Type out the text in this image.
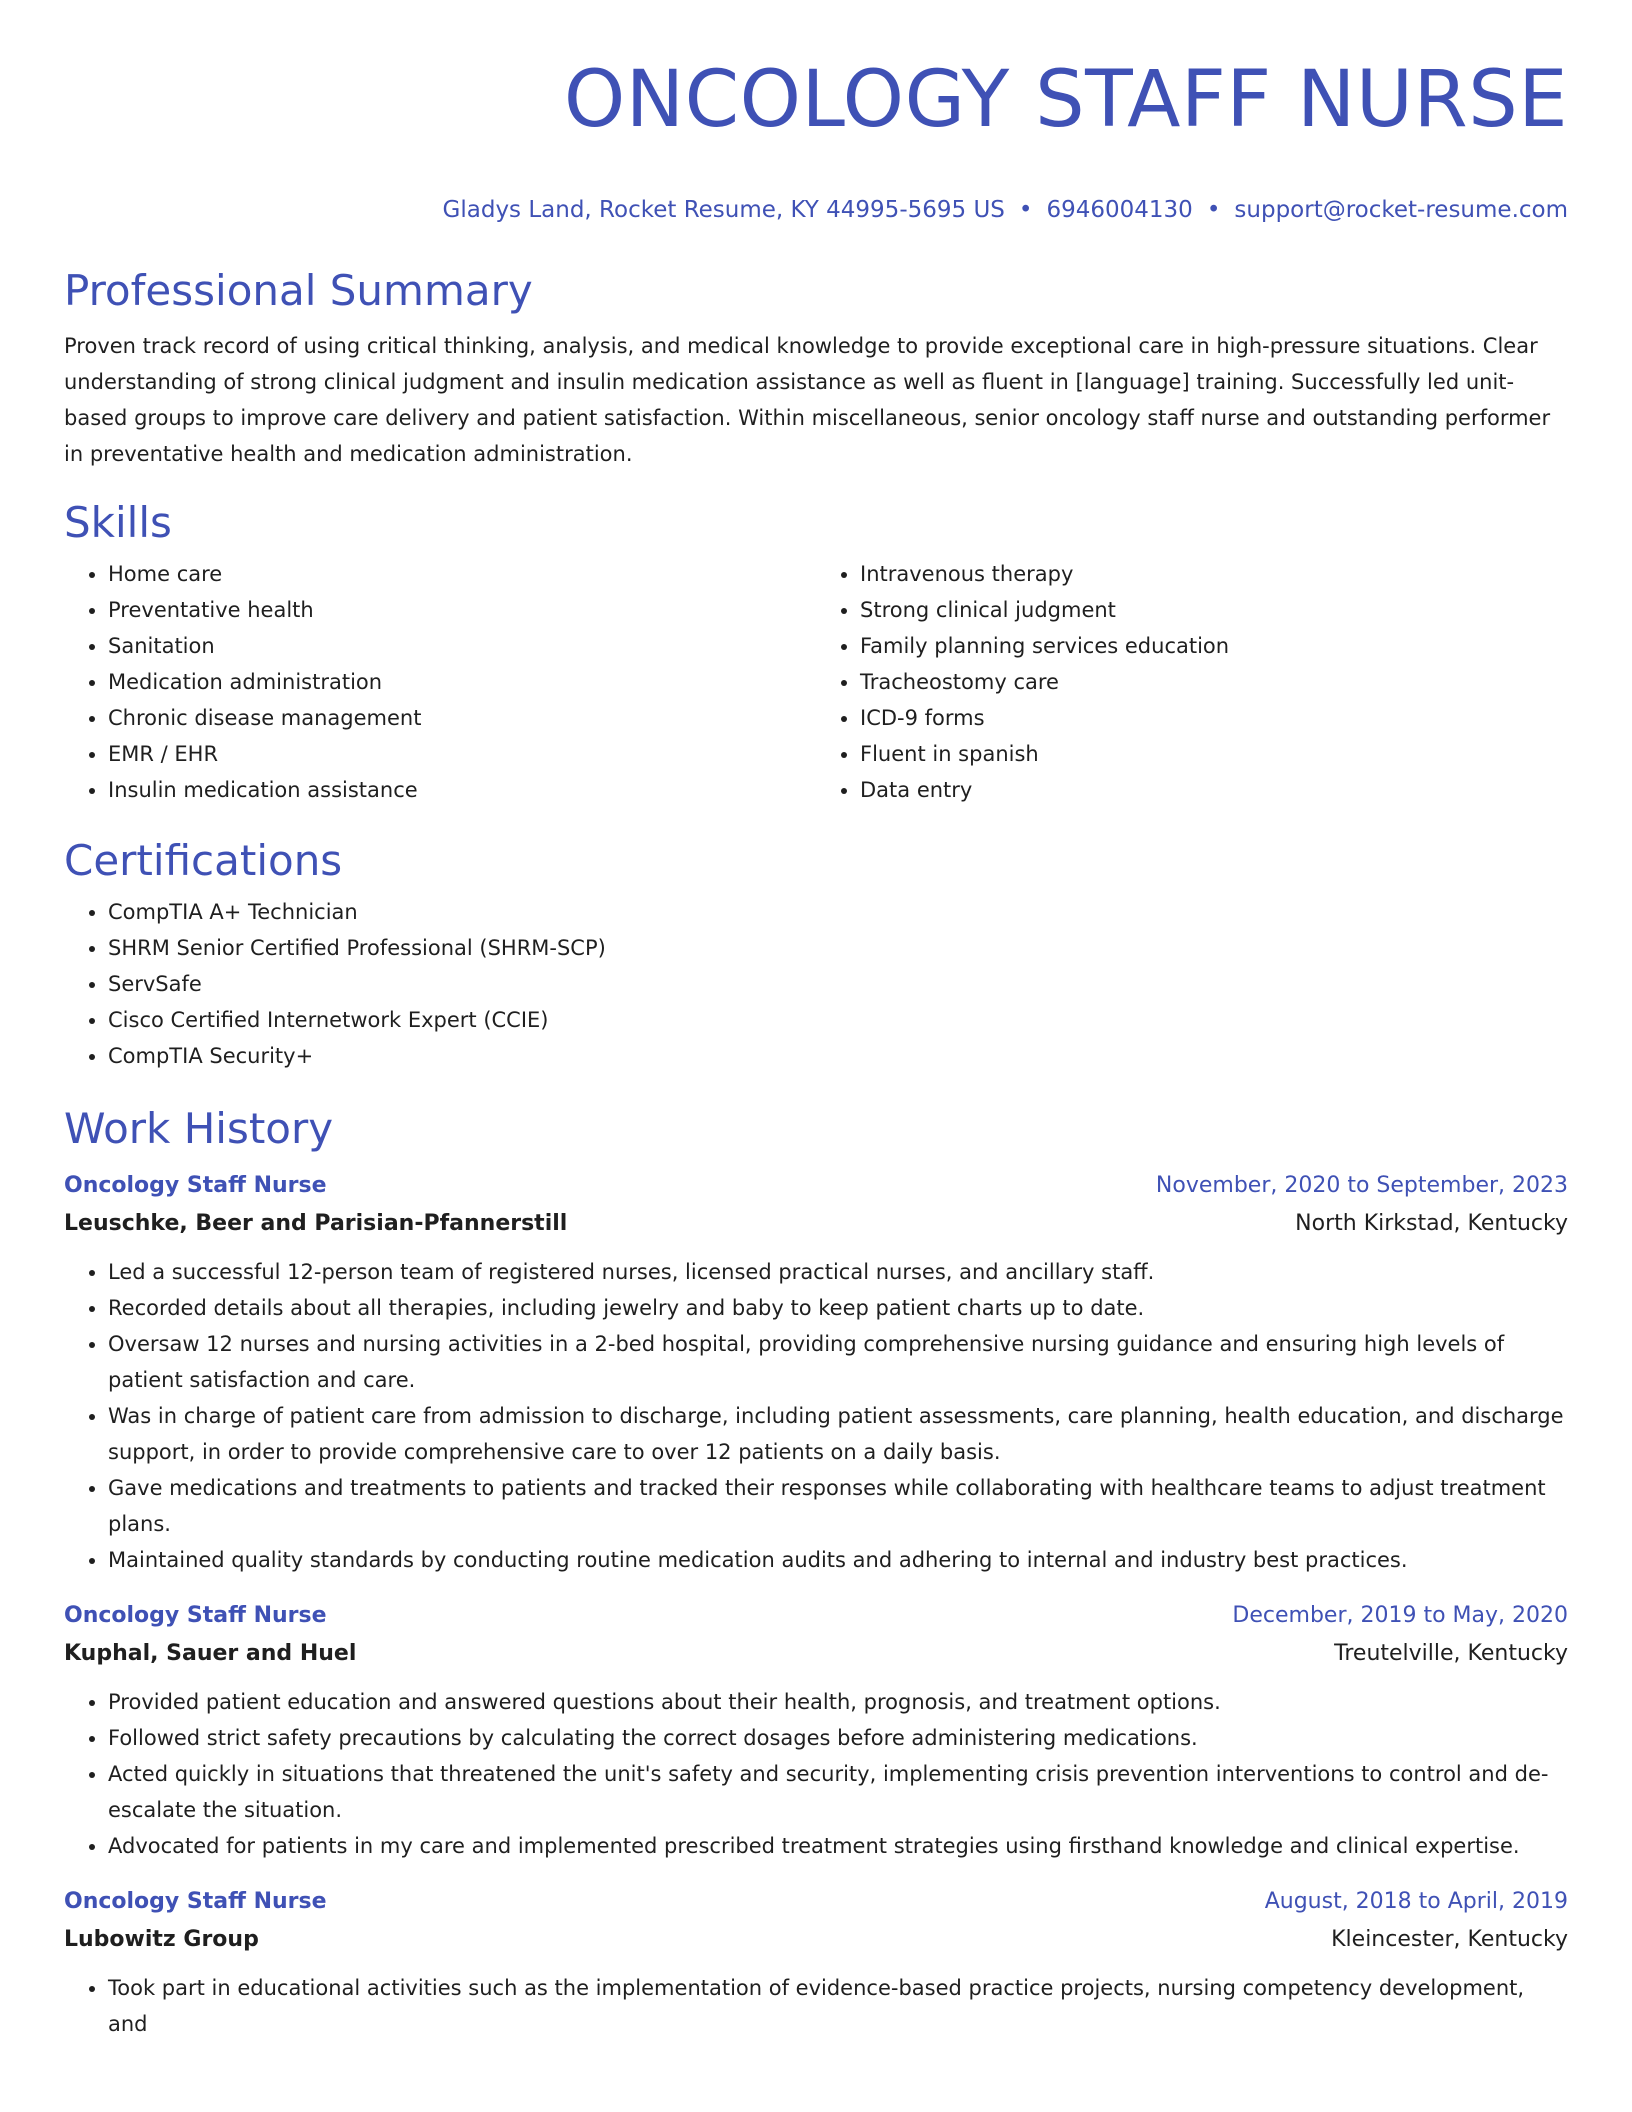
ONCOLOGY STAFF NURSE
Gladys Land, Rocket Resume, KY 44995-5695 US • 6946004130 • support@rocket-resume.com
Professional Summary

Proven track record of using critical thinking, analysis, and medical knowledge to provide exceptional care in high-pressure situations. Clear understanding of strong clinical judgment and insulin medication assistance as well as fluent in [language] training. Successfully led unit-based groups to improve care delivery and patient satisfaction. Within miscellaneous, senior oncology staff nurse and outstanding performer in preventative health and medication administration.

Skills
• Home care
• Preventative health
• Sanitation
• Medication administration
• Chronic disease management
• EMR / EHR
• Insulin medication assistance
• Intravenous therapy
• Strong clinical judgment
• Family planning services education
• Tracheostomy care
• ICD-9 forms
• Fluent in spanish
• Data entry
Certifications
• CompTIA A+ Technician
• SHRM Senior Certified Professional (SHRM-SCP)
• ServSafe
• Cisco Certified Internetwork Expert (CCIE)
• CompTIA Security+
Work History
Oncology Staff Nurse	November, 2020 to September, 2023
Leuschke, Beer and Parisian-Pfannerstill	North Kirkstad, Kentucky
• Led a successful 12-person team of registered nurses, licensed practical nurses, and ancillary staff.
• Recorded details about all therapies, including jewelry and baby to keep patient charts up to date.
• Oversaw 12 nurses and nursing activities in a 2-bed hospital, providing comprehensive nursing guidance and ensuring high levels of patient satisfaction and care.
• Was in charge of patient care from admission to discharge, including patient assessments, care planning, health education, and discharge support, in order to provide comprehensive care to over 12 patients on a daily basis.
• Gave medications and treatments to patients and tracked their responses while collaborating with healthcare teams to adjust treatment plans.
• Maintained quality standards by conducting routine medication audits and adhering to internal and industry best practices.
Oncology Staff Nurse	December, 2019 to May, 2020
Kuphal, Sauer and Huel	Treutelville, Kentucky
• Provided patient education and answered questions about their health, prognosis, and treatment options.
• Followed strict safety precautions by calculating the correct dosages before administering medications.
• Acted quickly in situations that threatened the unit's safety and security, implementing crisis prevention interventions to control and de-escalate the situation.
• Advocated for patients in my care and implemented prescribed treatment strategies using firsthand knowledge and clinical expertise.
Oncology Staff Nurse	August, 2018 to April, 2019
Lubowitz Group	Kleincester, Kentucky
• Took part in educational activities such as the implementation of evidence-based practice projects, nursing competency development, and
